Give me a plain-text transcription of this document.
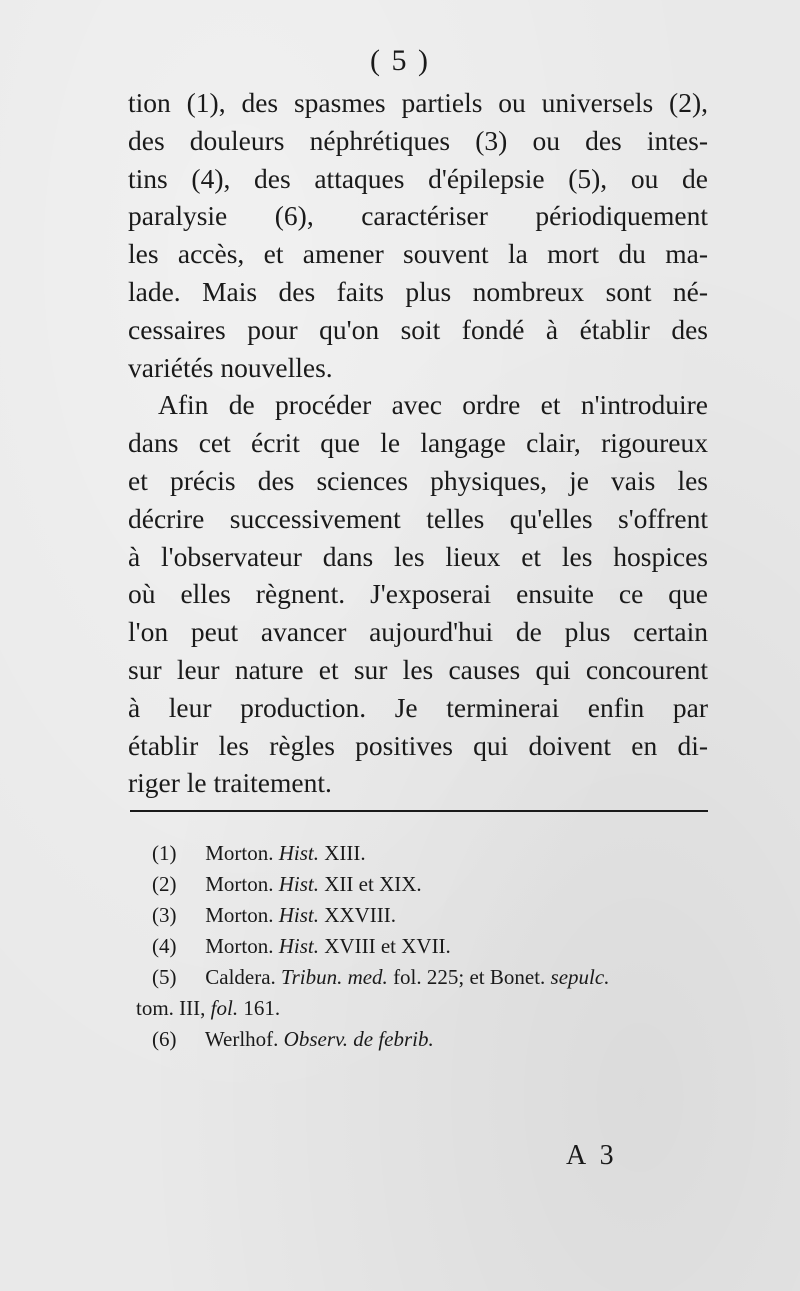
( 5 )
tion (1), des spasmes partiels ou universels (2),
des douleurs néphrétiques (3) ou des intes-
tins (4), des attaques d'épilepsie (5), ou de
paralysie (6), caractériser périodiquement
les accès, et amener souvent la mort du ma-
lade. Mais des faits plus nombreux sont né-
cessaires pour qu'on soit fondé à établir des
variétés nouvelles.
Afin de procéder avec ordre et n'introduire
dans cet écrit que le langage clair, rigoureux
et précis des sciences physiques, je vais les
décrire successivement telles qu'elles s'offrent
à l'observateur dans les lieux et les hospices
où elles règnent. J'exposerai ensuite ce que
l'on peut avancer aujourd'hui de plus certain
sur leur nature et sur les causes qui concourent
à leur production. Je terminerai enfin par
établir les règles positives qui doivent en di-
riger le traitement.
(1) Morton. Hist. XIII.
(2) Morton. Hist. XII et XIX.
(3) Morton. Hist. XXVIII.
(4) Morton. Hist. XVIII et XVII.
(5) Caldera. Tribun. med. fol. 225; et Bonet. sepulc.
tom. III, fol. 161.
(6) Werlhof. Observ. de febrib.
A 3
